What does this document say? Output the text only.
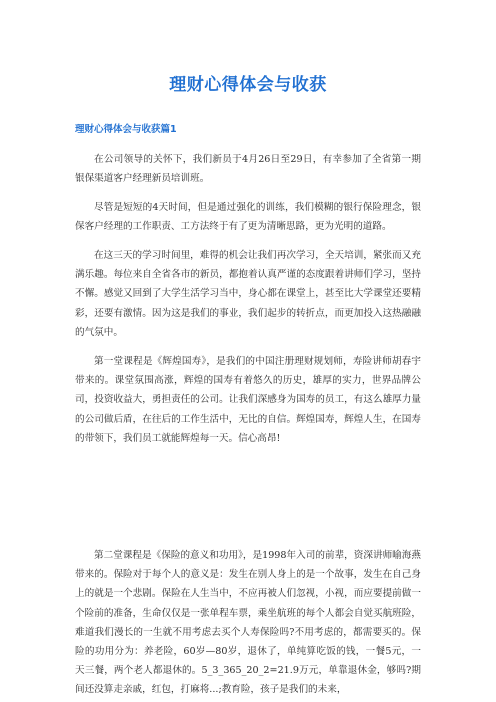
理财心得体会与收获
理财心得体会与收获篇1

在公司领导的关怀下，我们新员于4月26日至29日，有幸参加了全省第一期银保渠道客户经理新员培训班。

尽管是短短的4天时间，但是通过强化的训练，我们模糊的银行保险理念，银保客户经理的工作职责、工方法终于有了更为清晰思路，更为光明的道路。

在这三天的学习时间里，难得的机会让我们再次学习，全天培训，紧张而又充满乐趣。每位来自全省各市的新员，都抱着认真严谨的态度跟着讲师们学习，坚持不懈。感觉又回到了大学生活学习当中，身心都在课堂上，甚至比大学课堂还要精彩，还要有激情。因为这是我们的事业，我们起步的转折点，而更加投入这热融融的气氛中。

第一堂课程是《辉煌国寿》，是我们的中国注册理财规划师，寿险讲师胡春宇带来的。课堂氛围高涨，辉煌的国寿有着悠久的历史，雄厚的实力，世界品牌公司，投资收益大，勇担责任的公司。让我们深感身为国寿的员工，有这么雄厚力量的公司做后盾，在往后的工作生活中，无比的自信。辉煌国寿，辉煌人生，在国寿的带领下，我们员工就能辉煌每一天。信心高昂!

第二堂课程是《保险的意义和功用》，是1998年入司的前辈，资深讲师喻海燕带来的。保险对于每个人的意义是：发生在别人身上的是一个故事，发生在自己身上的就是一个悲剧。保险在人生当中，不应再被人们忽视，小视，而应要提前做一个险前的准备，生命仅仅是一张单程车票，乘坐航班的每个人都会自觉买航班险，难道我们漫长的一生就不用考虑去买个人寿保险吗?不用考虑的，都需要买的。保险的功用分为：养老险，60岁—80岁，退休了，单纯算吃饭的钱，一餐5元，一天三餐，两个老人都退休的。5_3_365_20_2=21.9万元，单靠退休金，够吗?期间还没算走亲戚，红包，打麻将...;教育险，孩子是我们的未来，
